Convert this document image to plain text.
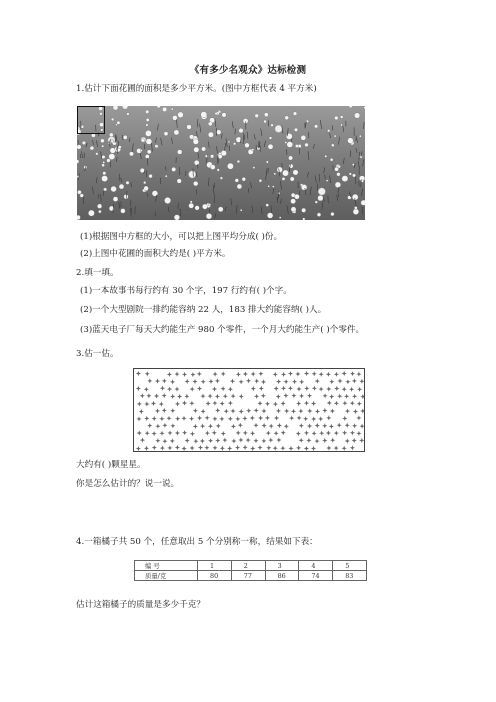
《有多少名观众》达标检测
1.估计下面花圃的面积是多少平方米。(图中方框代表 4 平方米)
(1)根据图中方框的大小，可以把上图平均分成( )份。
(2)上图中花圃的面积大约是( )平方米。
2.填一填。
(1)一本故事书每行约有 30 个字，197 行约有( )个字。
(2)一个大型剧院一排约能容纳 22 人，183 排大约能容纳( )人。
(3)蓝天电子厂每天大约能生产 980 个零件，一个月大约能生产( )个零件。
3.估一估。
大约有( )颗星星。
你是怎么估计的？说一说。
4.一箱橘子共 50 个，任意取出 5 个分别称一称，结果如下表：
编 号	1	2	3	4	5
质量/克	80	77	86	74	83
估计这箱橘子的质量是多少千克？
